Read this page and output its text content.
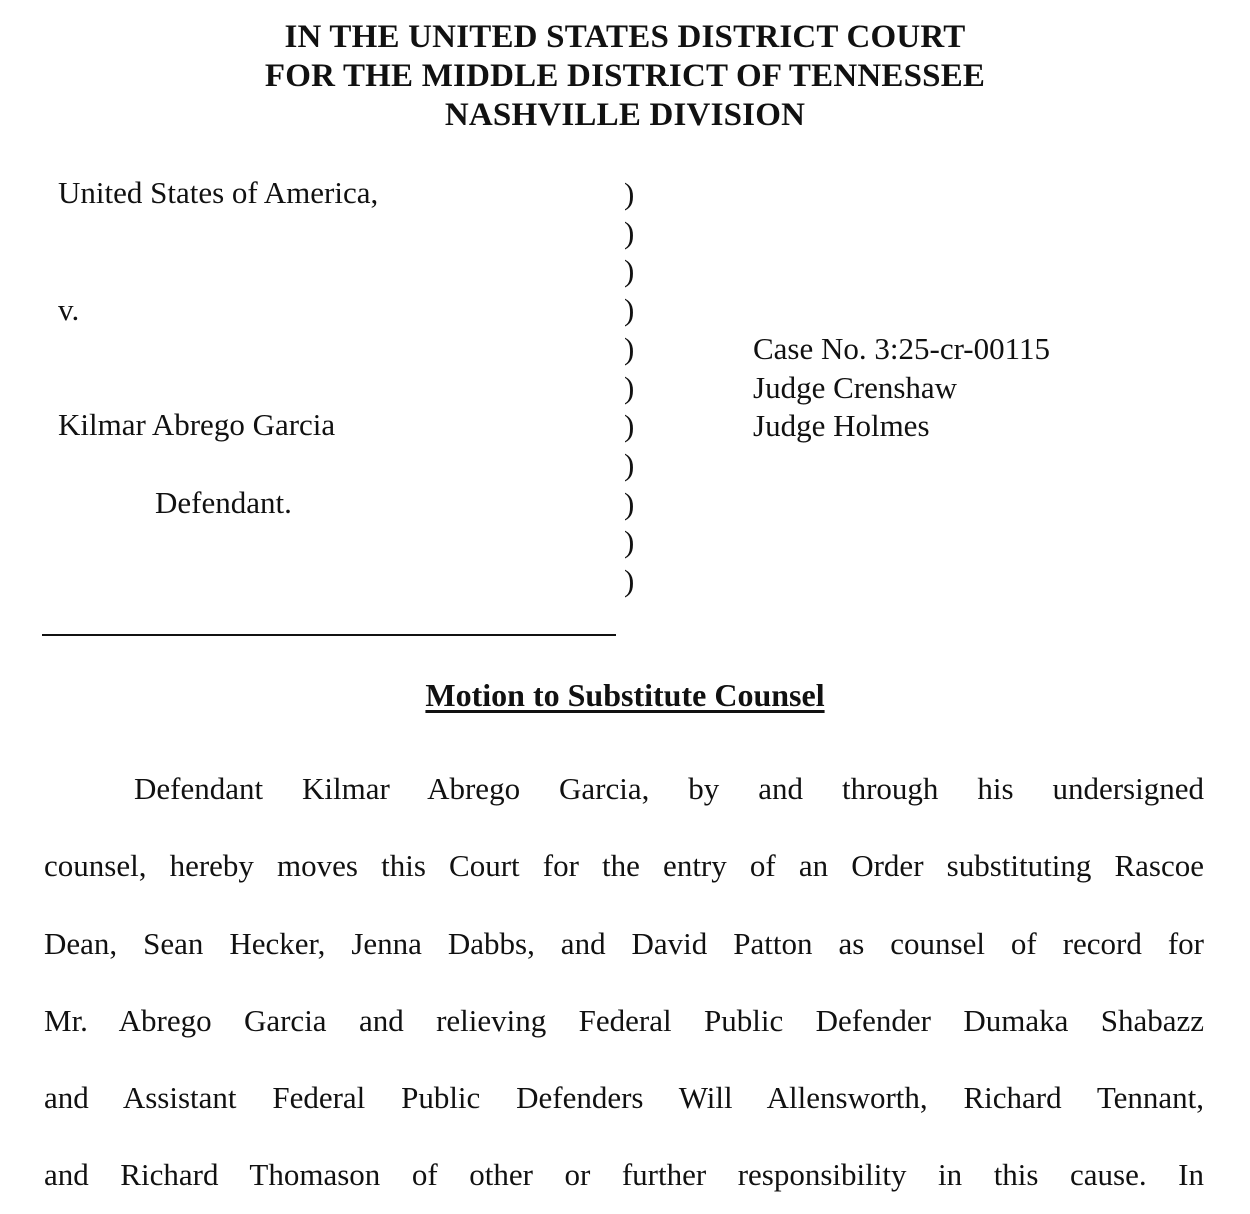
IN THE UNITED STATES DISTRICT COURT
FOR THE MIDDLE DISTRICT OF TENNESSEE
NASHVILLE DIVISION
United States of America,
v.
Kilmar Abrego Garcia
Defendant.
)
)
)
)
)
)
)
)
)
)
)
Case No. 3:25-cr-00115
Judge Crenshaw
Judge Holmes
Motion to Substitute Counsel
Defendant Kilmar Abrego Garcia, by and through his undersigned
counsel, hereby moves this Court for the entry of an Order substituting Rascoe
Dean, Sean Hecker, Jenna Dabbs, and David Patton as counsel of record for
Mr. Abrego Garcia and relieving Federal Public Defender Dumaka Shabazz
and Assistant Federal Public Defenders Will Allensworth, Richard Tennant,
and Richard Thomason of other or further responsibility in this cause. In
